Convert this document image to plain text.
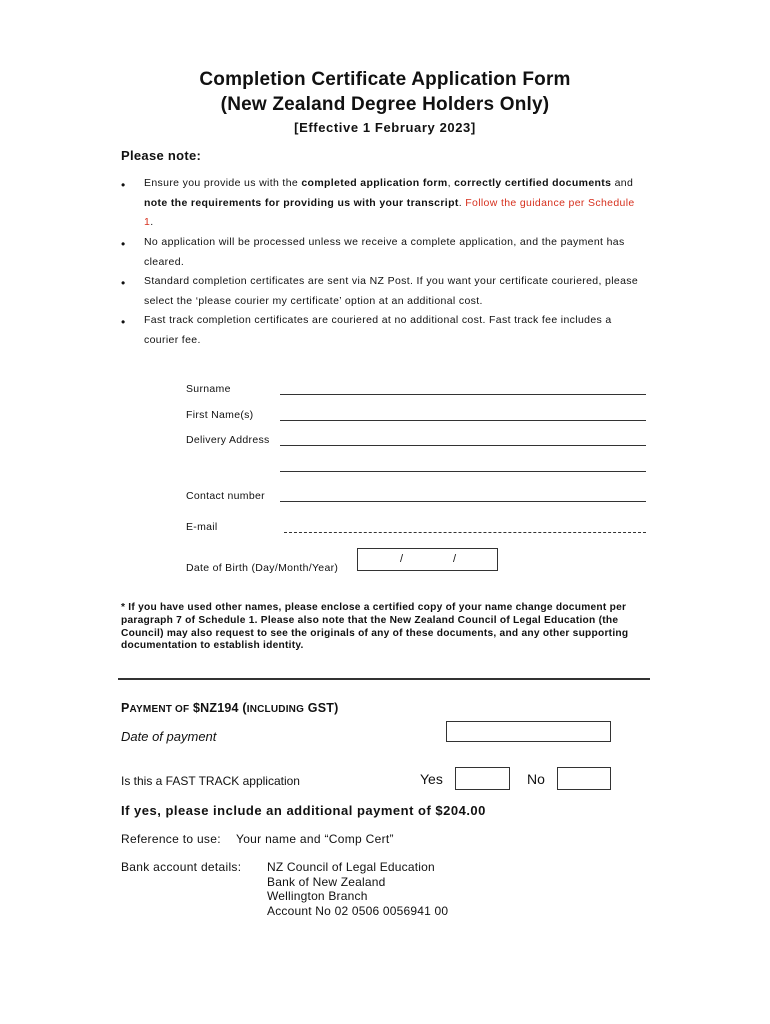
Completion Certificate Application Form
(New Zealand Degree Holders Only)
[Effective 1 February 2023]
Please note:
• Ensure you provide us with the completed application form, correctly certified documents and note the requirements for providing us with your transcript. Follow the guidance per Schedule 1.
• No application will be processed unless we receive a complete application, and the payment has cleared.
• Standard completion certificates are sent via NZ Post. If you want your certificate couriered, please select the ‘please courier my certificate’ option at an additional cost.
• Fast track completion certificates are couriered at no additional cost. Fast track fee includes a courier fee.
Surname
First Name(s)
Delivery Address
Contact number
E-mail
Date of Birth (Day/Month/Year)
/	/
* If you have used other names, please enclose a certified copy of your name change document per paragraph 7 of Schedule 1. Please also note that the New Zealand Council of Legal Education (the Council) may also request to see the originals of any of these documents, and any other supporting documentation to establish identity.
PAYMENT OF $NZ194 (INCLUDING GST)
Date of payment
Is this a FAST TRACK application	Yes	No
If yes, please include an additional payment of $204.00
Reference to use: Your name and “Comp Cert”
Bank account details: NZ Council of Legal Education
Bank of New Zealand
Wellington Branch
Account No 02 0506 0056941 00
